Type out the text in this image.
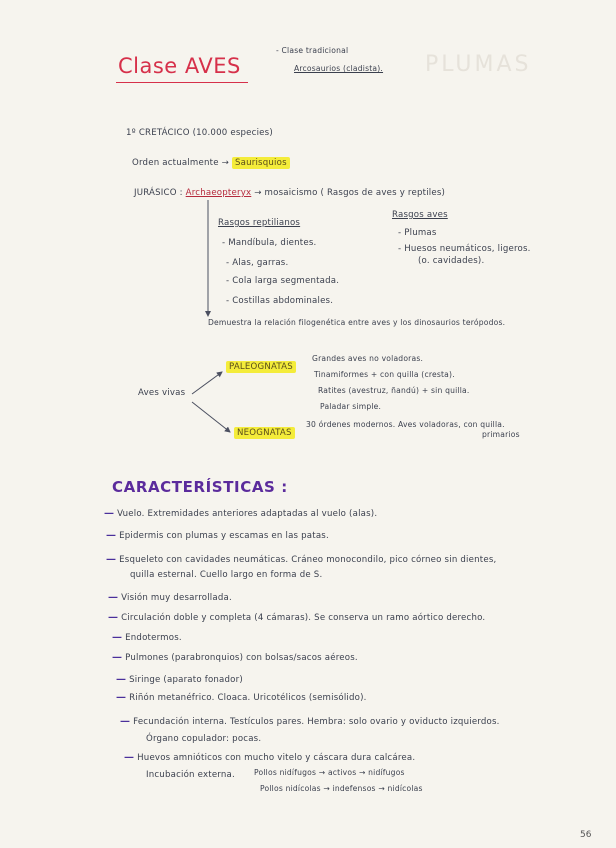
PLUMAS
Clase AVES
- Clase tradicional
Arcosaurios (cladista).
1º CRETÁCICO (10.000 especies)
Orden actualmente → Saurisquios
JURÁSICO : Archaeopteryx → mosaicismo ( Rasgos de aves y reptiles)
Rasgos reptilianos
- Mandíbula, dientes.
- Alas, garras.
- Cola larga segmentada.
- Costillas abdominales.
Rasgos aves
- Plumas
- Huesos neumáticos, ligeros.
(o. cavidades).
Demuestra la relación filogenética entre aves y los dinosaurios terópodos.
Aves vivas
PALEOGNATAS
Grandes aves no voladoras.
Tinamiformes + con quilla (cresta).
Ratites (avestruz, ñandú) + sin quilla.
Paladar simple.
NEOGNATAS
30 órdenes modernos. Aves voladoras, con quilla.
primarios
CARACTERÍSTICAS :
— Vuelo. Extremidades anteriores adaptadas al vuelo (alas).
— Epidermis con plumas y escamas en las patas.
— Esqueleto con cavidades neumáticas. Cráneo monocondilo, pico córneo sin dientes,
quilla esternal. Cuello largo en forma de S.
— Visión muy desarrollada.
— Circulación doble y completa (4 cámaras). Se conserva un ramo aórtico derecho.
— Endotermos.
— Pulmones (parabronquios) con bolsas/sacos aéreos.
— Siringe (aparato fonador)
— Riñón metanéfrico. Cloaca. Uricotélicos (semisólido).
— Fecundación interna. Testículos pares. Hembra: solo ovario y oviducto izquierdos.
Órgano copulador: pocas.
— Huevos amnióticos con mucho vitelo y cáscara dura calcárea.
Incubación externa.	Pollos nidífugos → activos → nidífugos
Pollos nidícolas → indefensos → nidícolas
56
